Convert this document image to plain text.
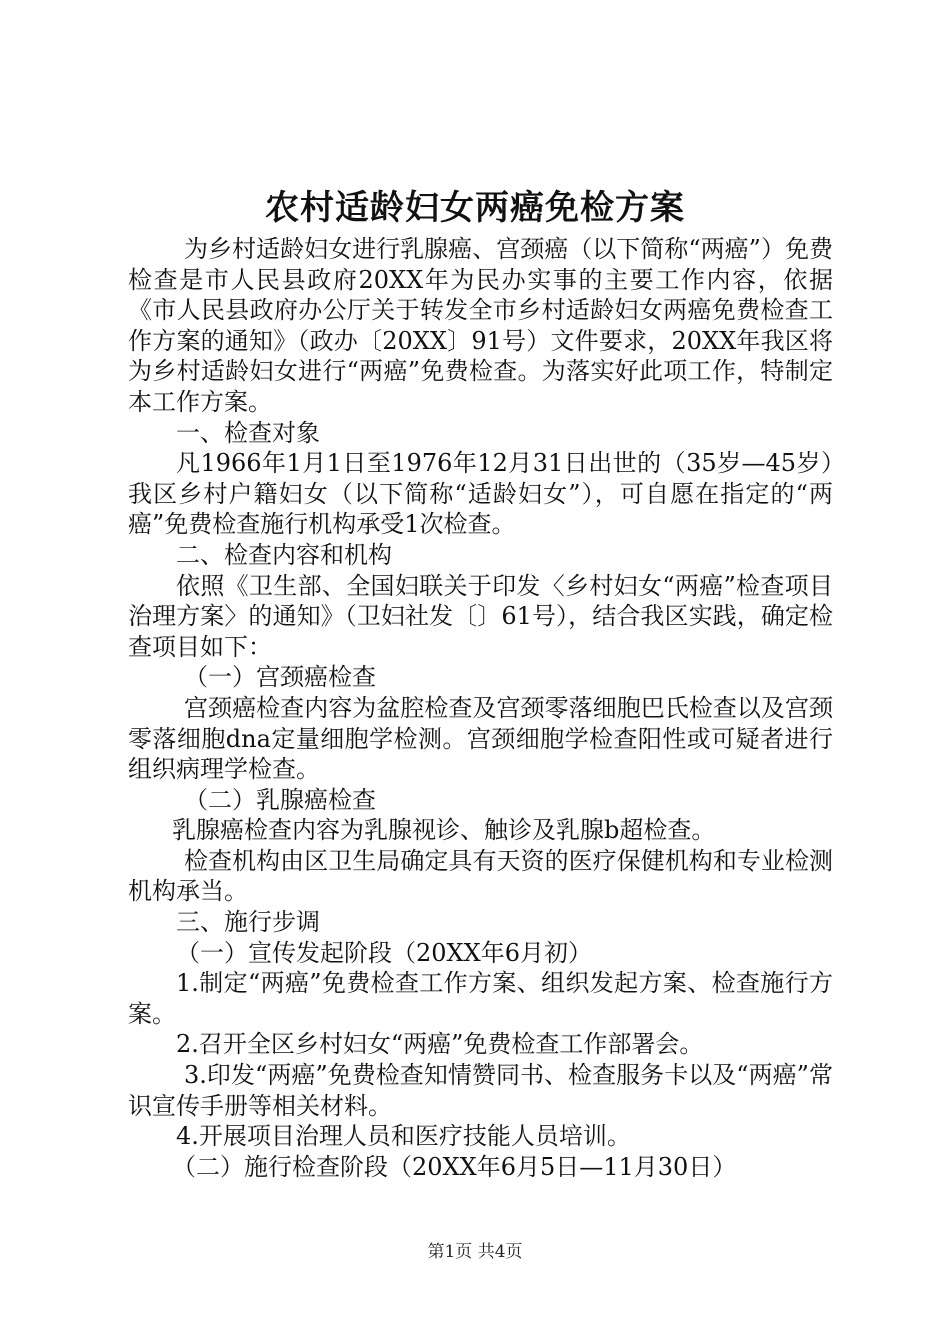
农村适龄妇女两癌免检方案

为乡村适龄妇女进行乳腺癌、宫颈癌（以下简称“两癌”）免费检查是市人民县政府20XX年为民办实事的主要工作内容，依据《市人民县政府办公厅关于转发全市乡村适龄妇女两癌免费检查工作方案的通知》（政办〔20XX〕91号）文件要求，20XX年我区将为乡村适龄妇女进行“两癌”免费检查。为落实好此项工作，特制定本工作方案。

一、检查对象

凡1966年1月1日至1976年12月31日出世的（35岁—45岁）我区乡村户籍妇女（以下简称“适龄妇女”），可自愿在指定的“两癌”免费检查施行机构承受1次检查。

二、检查内容和机构

依照《卫生部、全国妇联关于印发〈乡村妇女“两癌”检查项目治理方案〉的通知》（卫妇社发〔〕61号），结合我区实践，确定检查项目如下：

（一）宫颈癌检查

宫颈癌检查内容为盆腔检查及宫颈零落细胞巴氏检查以及宫颈零落细胞dna定量细胞学检测。宫颈细胞学检查阳性或可疑者进行组织病理学检查。

（二）乳腺癌检查

乳腺癌检查内容为乳腺视诊、触诊及乳腺b超检查。

检查机构由区卫生局确定具有天资的医疗保健机构和专业检测机构承当。

三、施行步调

（一）宣传发起阶段（20XX年6月初）

1.制定“两癌”免费检查工作方案、组织发起方案、检查施行方案。

2.召开全区乡村妇女“两癌”免费检查工作部署会。

3.印发“两癌”免费检查知情赞同书、检查服务卡以及“两癌”常识宣传手册等相关材料。

4.开展项目治理人员和医疗技能人员培训。

（二）施行检查阶段（20XX年6月5日—11月30日）

第1页 共4页
